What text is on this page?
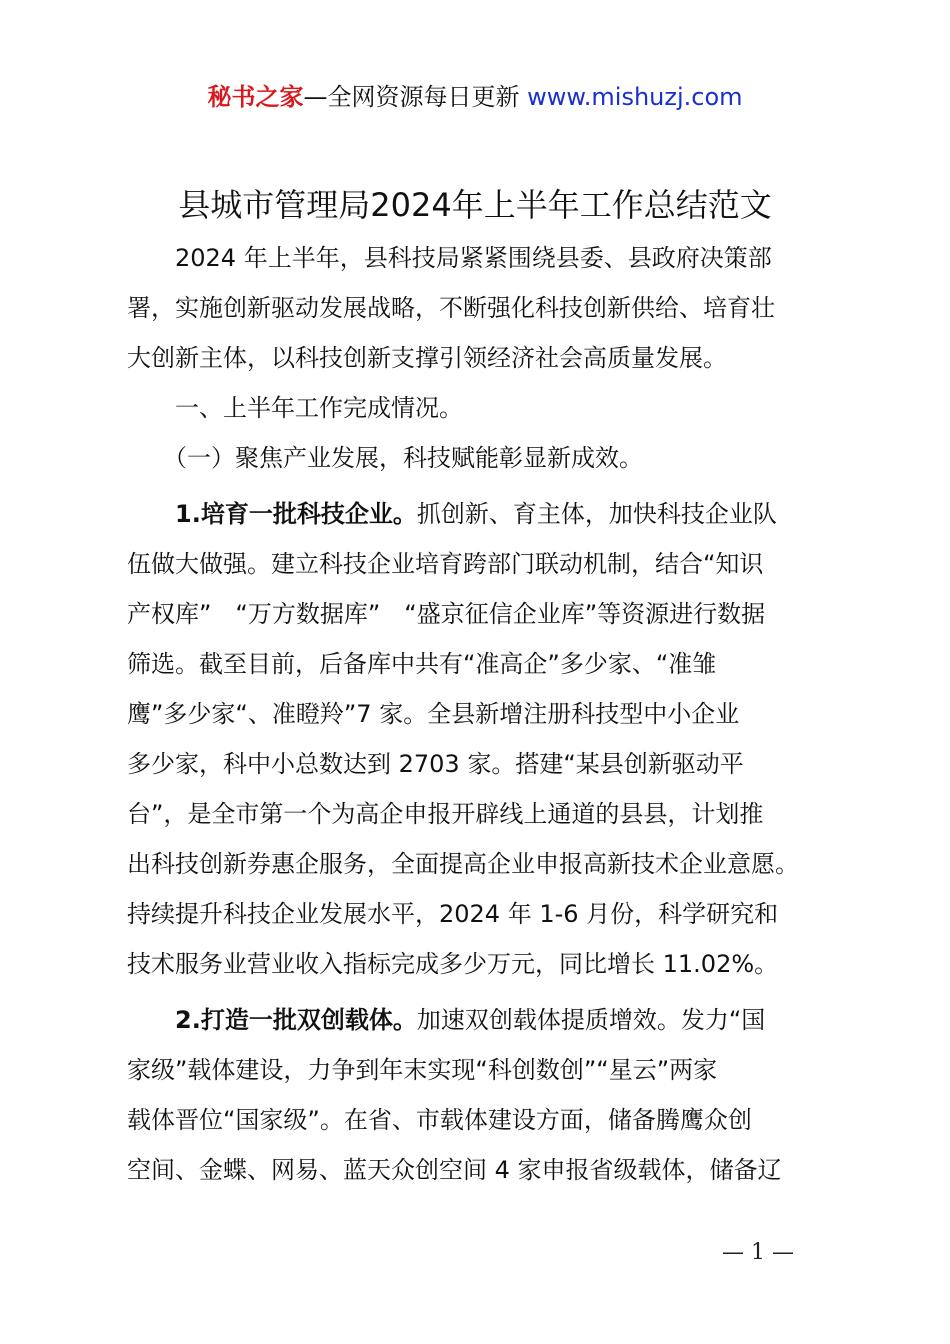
秘书之家—全网资源每日更新 www.mishuzj.com
县城市管理局2024年上半年工作总结范文
　　2024 年上半年，县科技局紧紧围绕县委、县政府决策部
署，实施创新驱动发展战略，不断强化科技创新供给、培育壮
大创新主体，以科技创新支撑引领经济社会高质量发展。
　　一、上半年工作完成情况。
　　（一）聚焦产业发展，科技赋能彰显新成效。
　　1.培育一批科技企业。抓创新、育主体，加快科技企业队
伍做大做强。建立科技企业培育跨部门联动机制，结合“知识
产权库”　“万方数据库”　“盛京征信企业库”等资源进行数据
筛选。截至目前，后备库中共有“准高企”多少家、“准雏
鹰”多少家“、准瞪羚”7 家。全县新增注册科技型中小企业
多少家，科中小总数达到 2703 家。搭建“某县创新驱动平
台”，是全市第一个为高企申报开辟线上通道的县县，计划推
出科技创新券惠企服务，全面提高企业申报高新技术企业意愿。
持续提升科技企业发展水平，2024 年 1-6 月份，科学研究和
技术服务业营业收入指标完成多少万元，同比增长 11.02%。
　　2.打造一批双创载体。加速双创载体提质增效。发力“国
家级”载体建设，力争到年末实现“科创数创”“星云”两家
载体晋位“国家级”。在省、市载体建设方面，储备腾鹰众创
空间、金蝶、网易、蓝天众创空间 4 家申报省级载体，储备辽
— 1 —
